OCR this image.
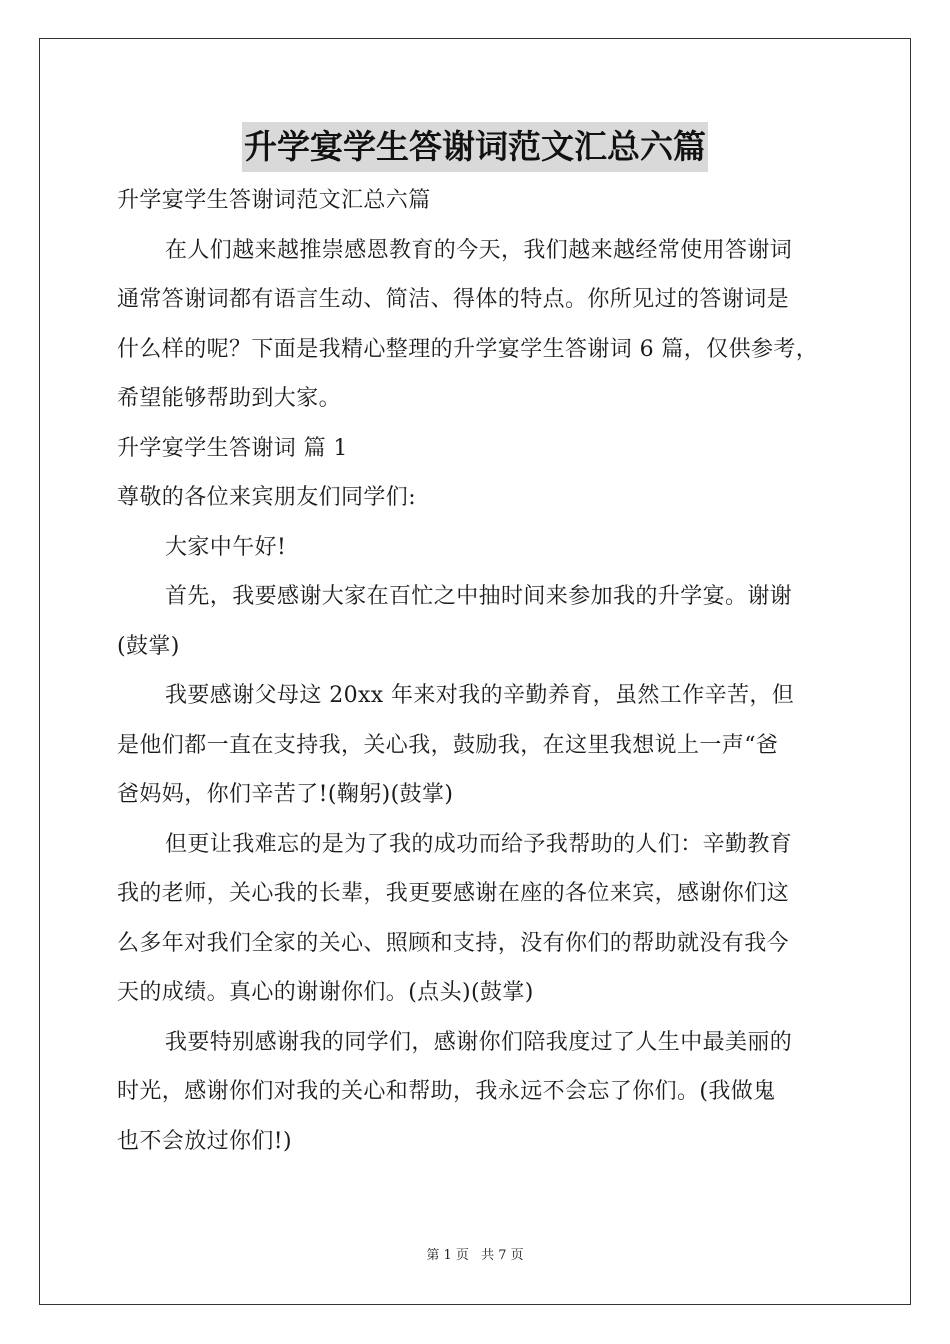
升学宴学生答谢词范文汇总六篇
升学宴学生答谢词范文汇总六篇
在人们越来越推崇感恩教育的今天，我们越来越经常使用答谢词
通常答谢词都有语言生动、简洁、得体的特点。你所见过的答谢词是
什么样的呢？下面是我精心整理的升学宴学生答谢词 6 篇，仅供参考，
希望能够帮助到大家。
升学宴学生答谢词 篇 1
尊敬的各位来宾朋友们同学们:
大家中午好!
首先，我要感谢大家在百忙之中抽时间来参加我的升学宴。谢谢
(鼓掌)
我要感谢父母这 20xx 年来对我的辛勤养育，虽然工作辛苦，但
是他们都一直在支持我，关心我，鼓励我，在这里我想说上一声“爸
爸妈妈，你们辛苦了!(鞠躬)(鼓掌)
但更让我难忘的是为了我的成功而给予我帮助的人们：辛勤教育
我的老师，关心我的长辈，我更要感谢在座的各位来宾，感谢你们这
么多年对我们全家的关心、照顾和支持，没有你们的帮助就没有我今
天的成绩。真心的谢谢你们。(点头)(鼓掌)
我要特别感谢我的同学们，感谢你们陪我度过了人生中最美丽的
时光，感谢你们对我的关心和帮助，我永远不会忘了你们。(我做鬼
也不会放过你们!)
第 1 页 共 7 页
